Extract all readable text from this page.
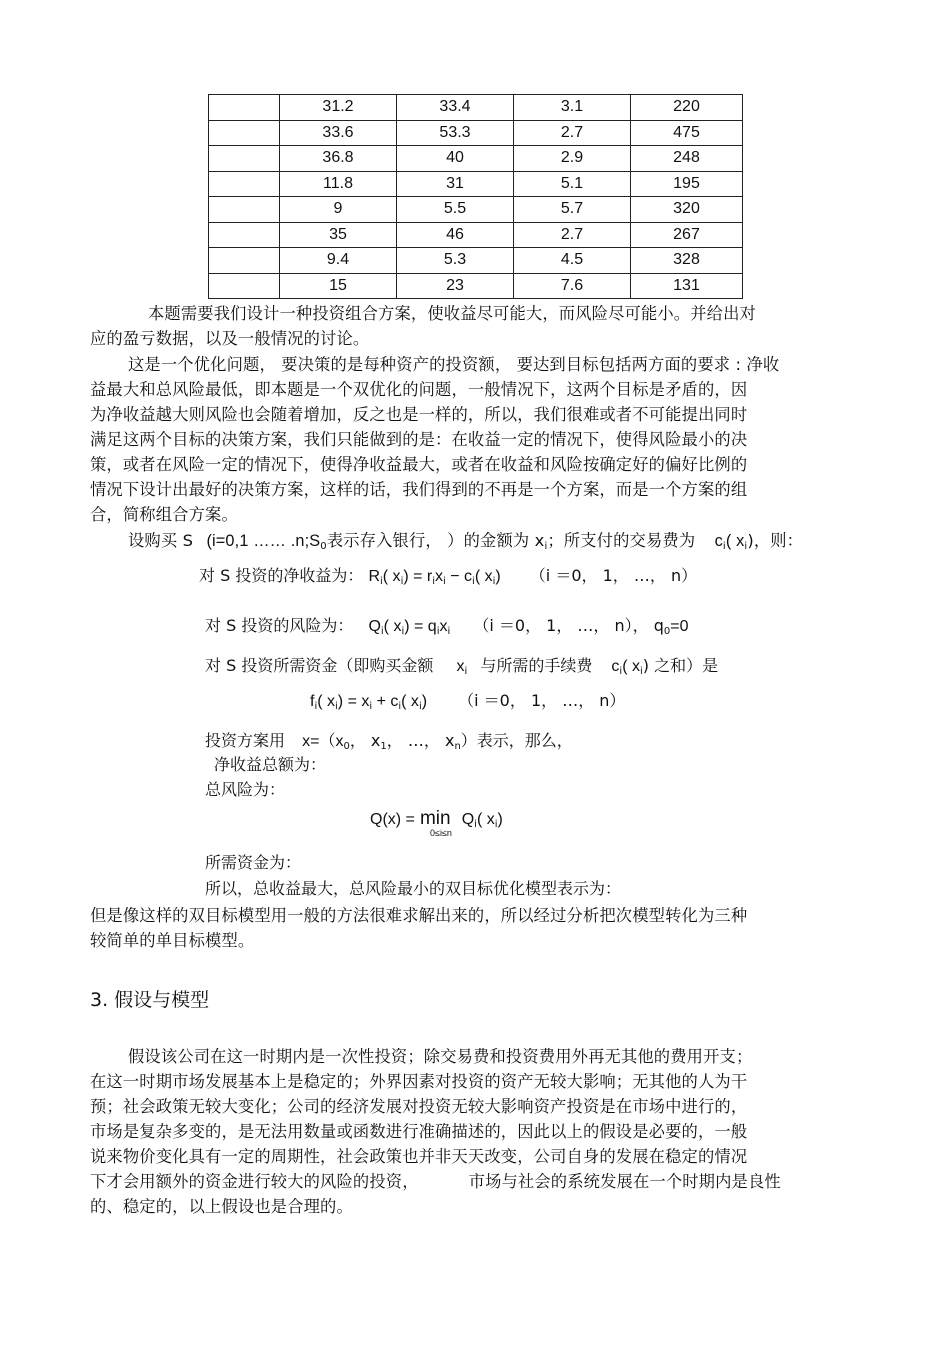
	31.2	33.4	3.1	220
	33.6	53.3	2.7	475
	36.8	40	2.9	248
	11.8	31	5.1	195
	9	5.5	5.7	320
	35	46	2.7	267
	9.4	5.3	4.5	328
	15	23	7.6	131
本题需要我们设计一种投资组合方案，使收益尽可能大，而风险尽可能小。并给出对
应的盈亏数据，以及一般情况的讨论。
这是一个优化问题， 要决策的是每种资产的投资额， 要达到目标包括两方面的要求 : 净收
益最大和总风险最低，即本题是一个双优化的问题，一般情况下，这两个目标是矛盾的，因
为净收益越大则风险也会随着增加，反之也是一样的，所以，我们很难或者不可能提出同时
满足这两个目标的决策方案，我们只能做到的是：在收益一定的情况下，使得风险最小的决
策，或者在风险一定的情况下，使得净收益最大，或者在收益和风险按确定好的偏好比例的
情况下设计出最好的决策方案，这样的话，我们得到的不再是一个方案，而是一个方案的组
合，简称组合方案。
设购买 S (i=0,1 …… $.n;S_0$表示存入银行， ）的金额为 $x_i$；所支付的交易费为 $c_i$( $x_i$)，则：
对 S 投资的净收益为： $R_i$( $x_i) = r_ix_i - c_i$( $x_i$) （i ＝0， 1， …， n）
对 S 投资的风险为： $Q_i$( $x_i) = q_ix_i$ （i ＝0， 1， …， n）， $q_0=0$
对 S 投资所需资金（即购买金额 $x_i$ 与所需的手续费 $c_i$( $x_i$) 之和）是
$f_i$( $x_i) = x_i + c_i$( $x_i$) （i ＝0， 1， …， n）
投资方案用 $x=(x_0$， $x_1$， …， $x_n$）表示，那么，
净收益总额为：
总风险为：
$Q(x) = \min Q_i$( $x_i$)
0≤i≤n
所需资金为：
所以，总收益最大，总风险最小的双目标优化模型表示为：
但是像这样的双目标模型用一般的方法很难求解出来的，所以经过分析把次模型转化为三种
较简单的单目标模型。
3. 假设与模型
假设该公司在这一时期内是一次性投资；除交易费和投资费用外再无其他的费用开支；
在这一时期市场发展基本上是稳定的；外界因素对投资的资产无较大影响；无其他的人为干
预；社会政策无较大变化；公司的经济发展对投资无较大影响资产投资是在市场中进行的，
市场是复杂多变的，是无法用数量或函数进行准确描述的，因此以上的假设是必要的，一般
说来物价变化具有一定的周期性，社会政策也并非天天改变，公司自身的发展在稳定的情况
下才会用额外的资金进行较大的风险的投资，	市场与社会的系统发展在一个时期内是良性
的、稳定的，以上假设也是合理的。
